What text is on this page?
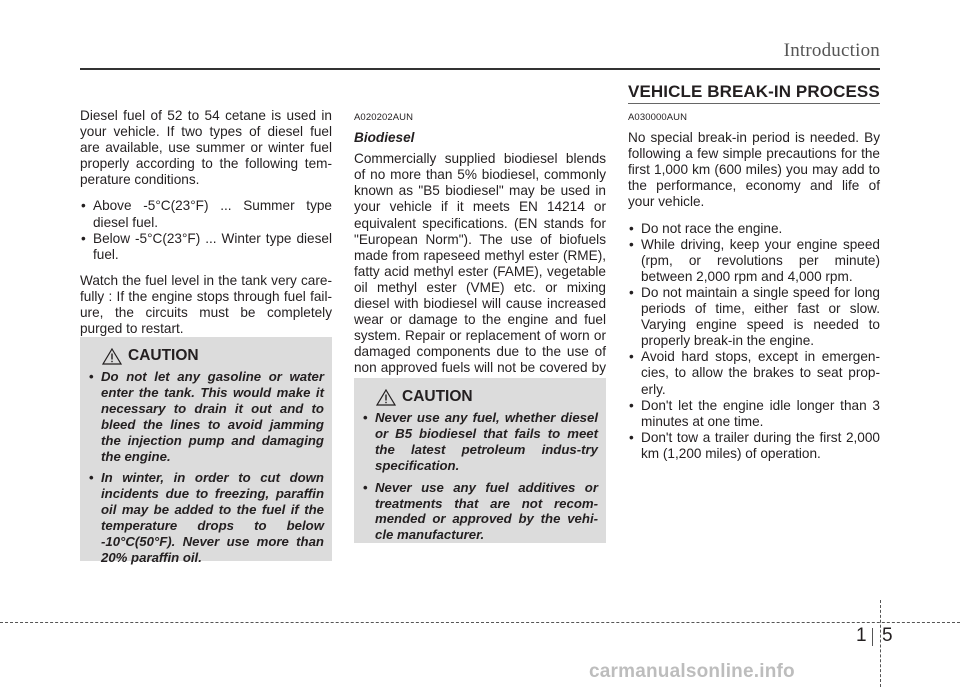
Introduction

Diesel fuel of 52 to 54 cetane is used in your vehicle. If two types of diesel fuel are available, use summer or winter fuel properly according to the following tem-perature conditions.

• Above -5°C(23°F) ... Summer type diesel fuel.
• Below -5°C(23°F) ... Winter type diesel fuel.

Watch the fuel level in the tank very care-fully : If the engine stops through fuel fail-ure, the circuits must be completely purged to restart.

CAUTION
• Do not let any gasoline or water enter the tank. This would make it necessary to drain it out and to bleed the lines to avoid jamming the injection pump and damaging the engine.
• In winter, in order to cut down incidents due to freezing, paraffin oil may be added to the fuel if the temperature drops to below -10°C(50°F). Never use more than 20% paraffin oil.

A020202AUN

Biodiesel

Commercially supplied biodiesel blends of no more than 5% biodiesel, commonly known as "B5 biodiesel" may be used in your vehicle if it meets EN 14214 or equivalent specifications. (EN stands for "European Norm"). The use of biofuels made from rapeseed methyl ester (RME), fatty acid methyl ester (FAME), vegetable oil methyl ester (VME) etc. or mixing diesel with biodiesel will cause increased wear or damage to the engine and fuel system. Repair or replacement of worn or damaged components due to the use of non approved fuels will not be covered by

CAUTION
• Never use any fuel, whether diesel or B5 biodiesel that fails to meet the latest petroleum indus-try specification.
• Never use any fuel additives or treatments that are not recom-mended or approved by the vehi-cle manufacturer.
VEHICLE BREAK-IN PROCESS

A030000AUN

No special break-in period is needed. By following a few simple precautions for the first 1,000 km (600 miles) you may add to the performance, economy and life of your vehicle.

• Do not race the engine.
• While driving, keep your engine speed (rpm, or revolutions per minute) between 2,000 rpm and 4,000 rpm.
• Do not maintain a single speed for long periods of time, either fast or slow. Varying engine speed is needed to properly break-in the engine.
• Avoid hard stops, except in emergen-cies, to allow the brakes to seat prop-erly.
• Don't let the engine idle longer than 3 minutes at one time.
• Don't tow a trailer during the first 2,000 km (1,200 miles) of operation.
1 5
carmanualsonline.info
